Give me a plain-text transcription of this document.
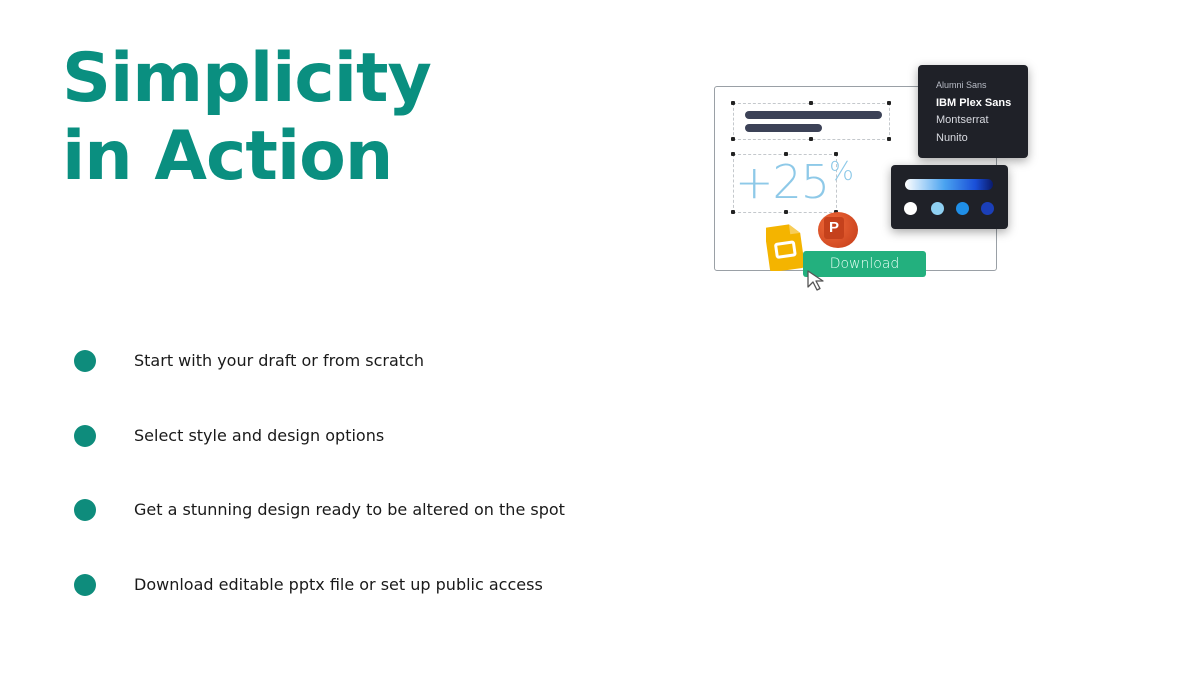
Simplicity
in Action	+25%
Alumni Sans
IBM Plex Sans
Montserrat
Nunito
P
Download
Start with your draft or from scratch
Select style and design options
Get a stunning design ready to be altered on the spot
Download editable pptx file or set up public access
